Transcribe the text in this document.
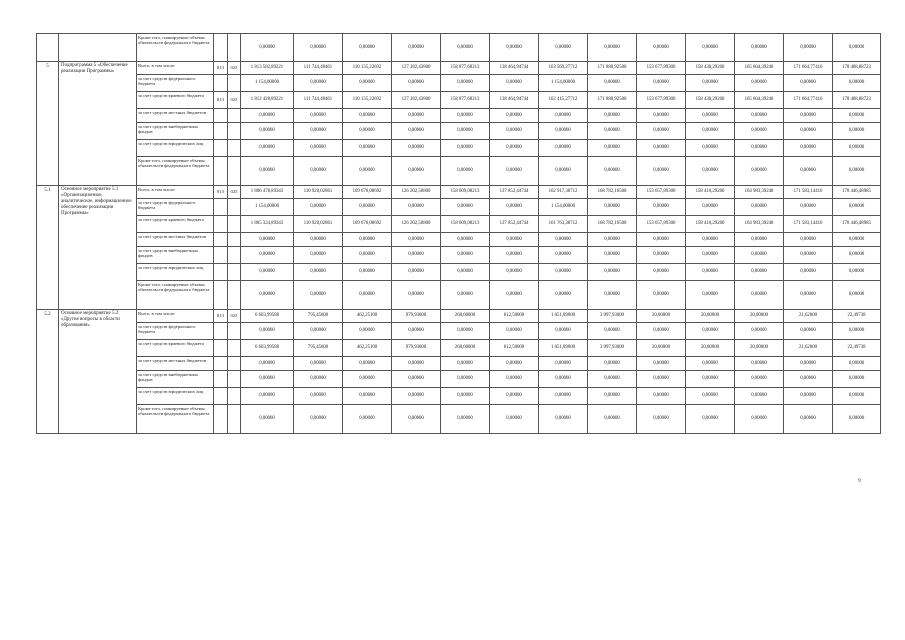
		Кроме того, планируемые объемы обязательств федерального бюджета			0,00000	0,00000	0,00000	0,00000	0,00000	0,00000	0,00000	0,00000	0,00000	0,00000	0,00000	0,00000	0,00000
5	Подпрограмма 5 «Обеспечение реализации Программы»	Всего, в том числе:	813	025	1 813 582,89221	111 744,48461	110 135,32692	127 182,43800	158 877,68213	138 464,94744	163 569,27712	171 880,92500	153 677,89300	158 430,29200	165 604,39248	171 664,77416	178 468,88723
		за счет средств федерального бюджета			1 154,00000	0,00000	0,00000	0,00000	0,00000	0,00000	1 154,00000	0,00000	0,00000	0,00000	0,00000	0,00000	0,00000
		за счет средств краевого бюджета	813	025	1 812 428,89221	111 744,48461	110 135,32692	127 182,43800	158 877,68213	138 464,94744	162 415,27712	171 880,92500	153 677,89300	158 430,29200	165 604,39248	171 664,77416	178 468,88723
		за счет средств местных бюджетов			0,00000	0,00000	0,00000	0,00000	0,00000	0,00000	0,00000	0,00000	0,00000	0,00000	0,00000	0,00000	0,00000
		за счет средств внебюджетных фондов			0,00000	0,00000	0,00000	0,00000	0,00000	0,00000	0,00000	0,00000	0,00000	0,00000	0,00000	0,00000	0,00000
		за счет средств юридических лиц			0,00000	0,00000	0,00000	0,00000	0,00000	0,00000	0,00000	0,00000	0,00000	0,00000	0,00000	0,00000	0,00000
		Кроме того, планируемые объемы обязательств федерального бюджета			0,00000	0,00000	0,00000	0,00000	0,00000	0,00000	0,00000	0,00000	0,00000	0,00000	0,00000	0,00000	0,00000
5.1	Основное мероприятие 5.1 «Организационное, аналитическое, информационное обеспечение реализации Программы»	Всего, в том числе:	813	025	1 806 478,89343	110 920,02861	109 676,08692	126 202,50800	158 609,08213	137 852,44744	162 917,38712	168 782,16500	153 657,89300	158 410,29200	164 983,39248	171 583,14416	178 446,48985
		за счет средств федерального бюджета			1 154,00000	0,00000	0,00000	0,00000	0,00000	0,00000	1 154,00000	0,00000	0,00000	0,00000	0,00000	0,00000	0,00000
		за счет средств краевого бюджета			1 805 324,89343	110 920,02861	109 676,08692	126 202,50800	158 609,08213	137 852,44744	161 763,38712	168 782,16500	153 657,89300	158 410,29200	164 983,39248	171 583,14416	178 446,48985
		за счет средств местных бюджетов			0,00000	0,00000	0,00000	0,00000	0,00000	0,00000	0,00000	0,00000	0,00000	0,00000	0,00000	0,00000	0,00000
		за счет средств внебюджетных фондов			0,00000	0,00000	0,00000	0,00000	0,00000	0,00000	0,00000	0,00000	0,00000	0,00000	0,00000	0,00000	0,00000
		за счет средств юридических лиц			0,00000	0,00000	0,00000	0,00000	0,00000	0,00000	0,00000	0,00000	0,00000	0,00000	0,00000	0,00000	0,00000
		Кроме того, планируемые объемы обязательств федерального бюджета			0,00000	0,00000	0,00000	0,00000	0,00000	0,00000	0,00000	0,00000	0,00000	0,00000	0,00000	0,00000	0,00000
5.2	Основное мероприятие 5.2 «Другие вопросы в области образования»	Всего, в том числе:	813	025	6 603,99588	795,45600	462,25100	979,93000	268,60000	612,50000	1 051,89000	3 097,93000	20,00000	20,00000	20,00000	21,62000	22,49738
		за счет средств федерального бюджета			0,00000	0,00000	0,00000	0,00000	0,00000	0,00000	0,00000	0,00000	0,00000	0,00000	0,00000	0,00000	0,00000
		за счет средств краевого бюджета			6 603,99588	795,45600	462,25100	979,93000	268,60000	612,50000	1 051,89000	3 097,93000	20,00000	20,00000	20,00000	21,62000	22,49738
		за счет средств местных бюджетов			0,00000	0,00000	0,00000	0,00000	0,00000	0,00000	0,00000	0,00000	0,00000	0,00000	0,00000	0,00000	0,00000
		за счет средств внебюджетных фондов			0,00000	0,00000	0,00000	0,00000	0,00000	0,00000	0,00000	0,00000	0,00000	0,00000	0,00000	0,00000	0,00000
		за счет средств юридических лиц			0,00000	0,00000	0,00000	0,00000	0,00000	0,00000	0,00000	0,00000	0,00000	0,00000	0,00000	0,00000	0,00000
		Кроме того, планируемые объемы обязательств федерального бюджета			0,00000	0,00000	0,00000	0,00000	0,00000	0,00000	0,00000	0,00000	0,00000	0,00000	0,00000	0,00000	0,00000
9
